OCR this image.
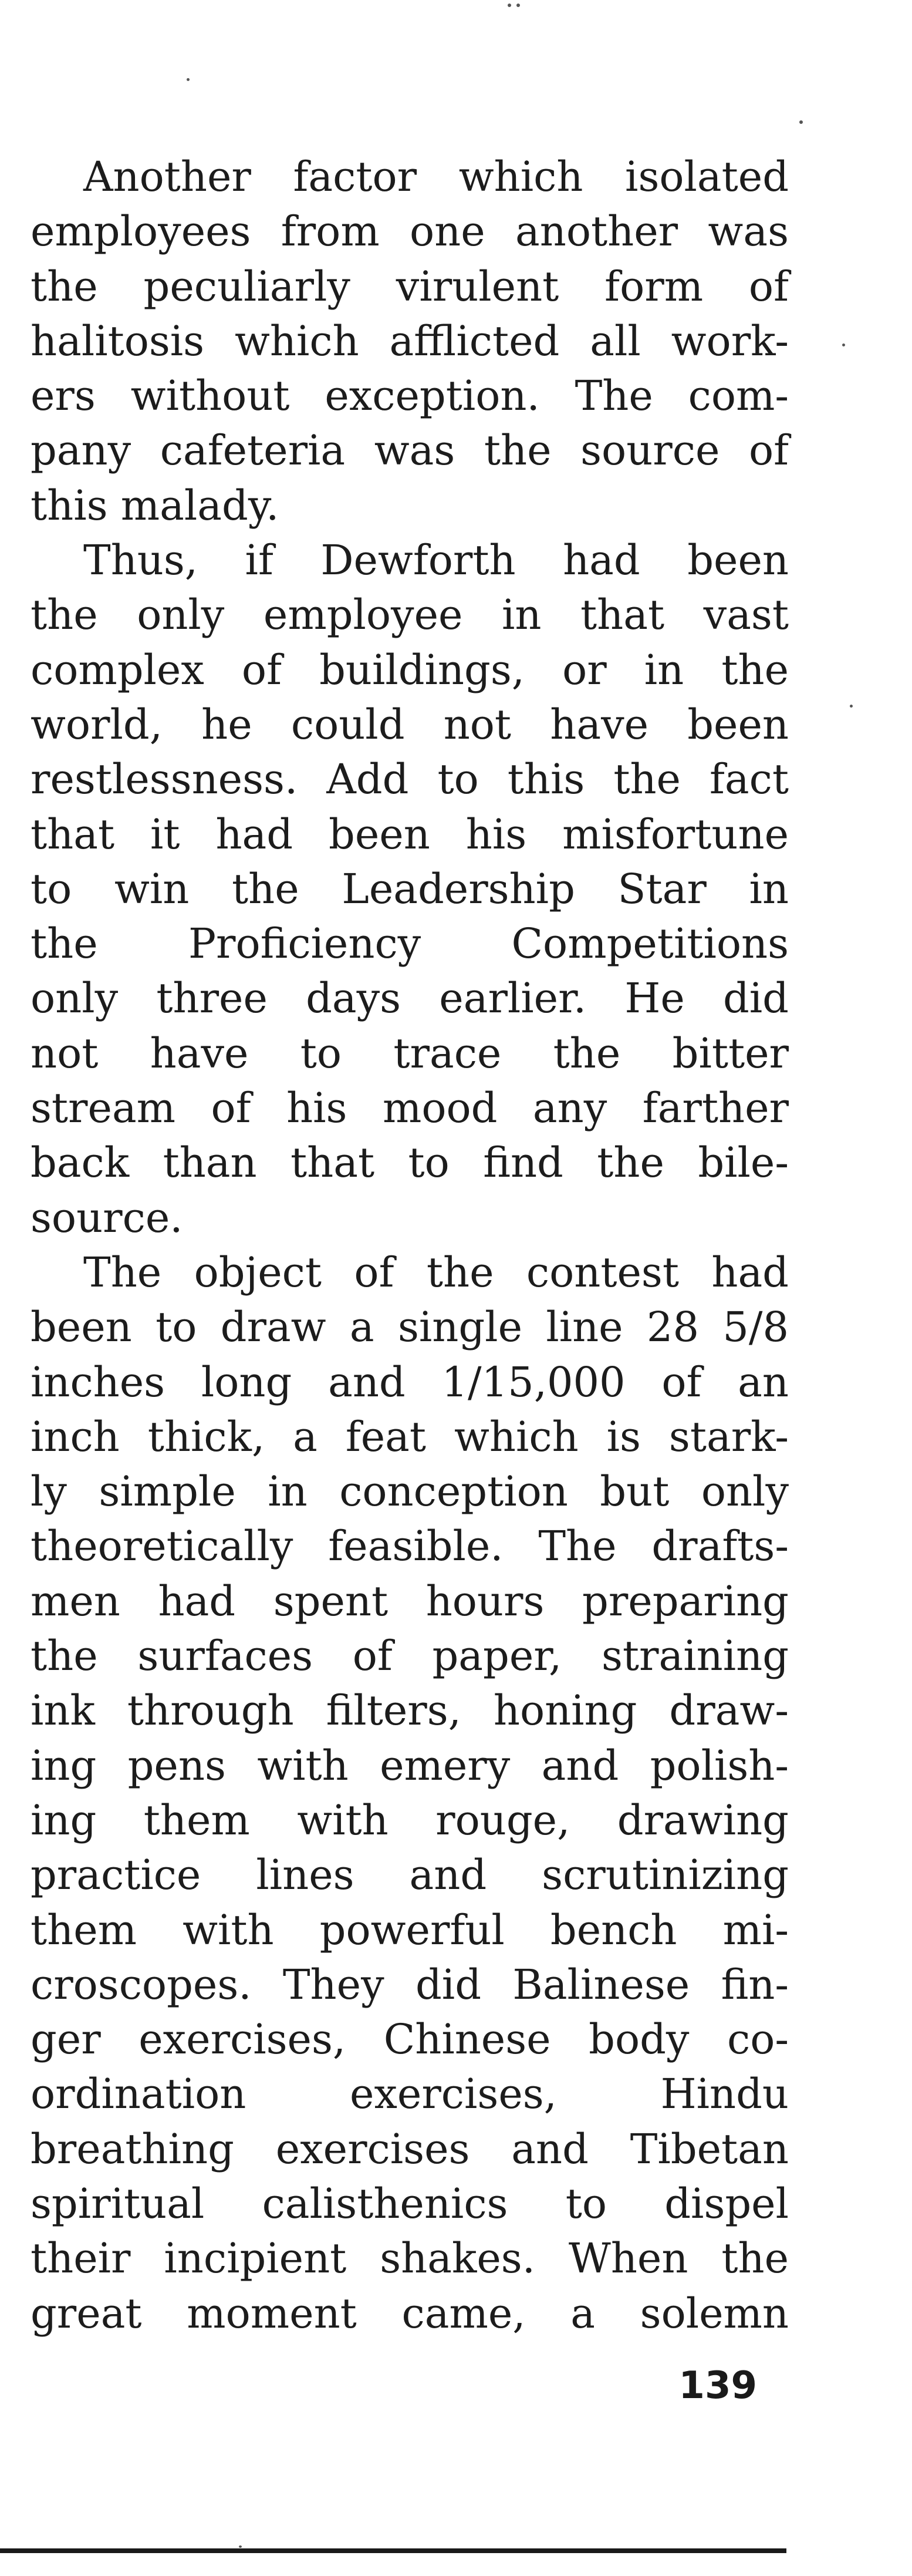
Another factor which isolated
employees from one another was
the peculiarly virulent form of
halitosis which afflicted all work-
ers without exception. The com-
pany cafeteria was the source of
this malady.

Thus, if Dewforth had been
the only employee in that vast
complex of buildings, or in the
world, he could not have been
restlessness. Add to this the fact
that it had been his misfortune
to win the Leadership Star in
the Proficiency Competitions
only three days earlier. He did
not have to trace the bitter
stream of his mood any farther
back than that to find the bile-
source.

The object of the contest had
been to draw a single line 28 5/8
inches long and 1/15,000 of an
inch thick, a feat which is stark-
ly simple in conception but only
theoretically feasible. The drafts-
men had spent hours preparing
the surfaces of paper, straining
ink through filters, honing draw-
ing pens with emery and polish-
ing them with rouge, drawing
practice lines and scrutinizing
them with powerful bench mi-
croscopes. They did Balinese fin-
ger exercises, Chinese body co-
ordination exercises, Hindu
breathing exercises and Tibetan
spiritual calisthenics to dispel
their incipient shakes. When the
great moment came, a solemn

139
